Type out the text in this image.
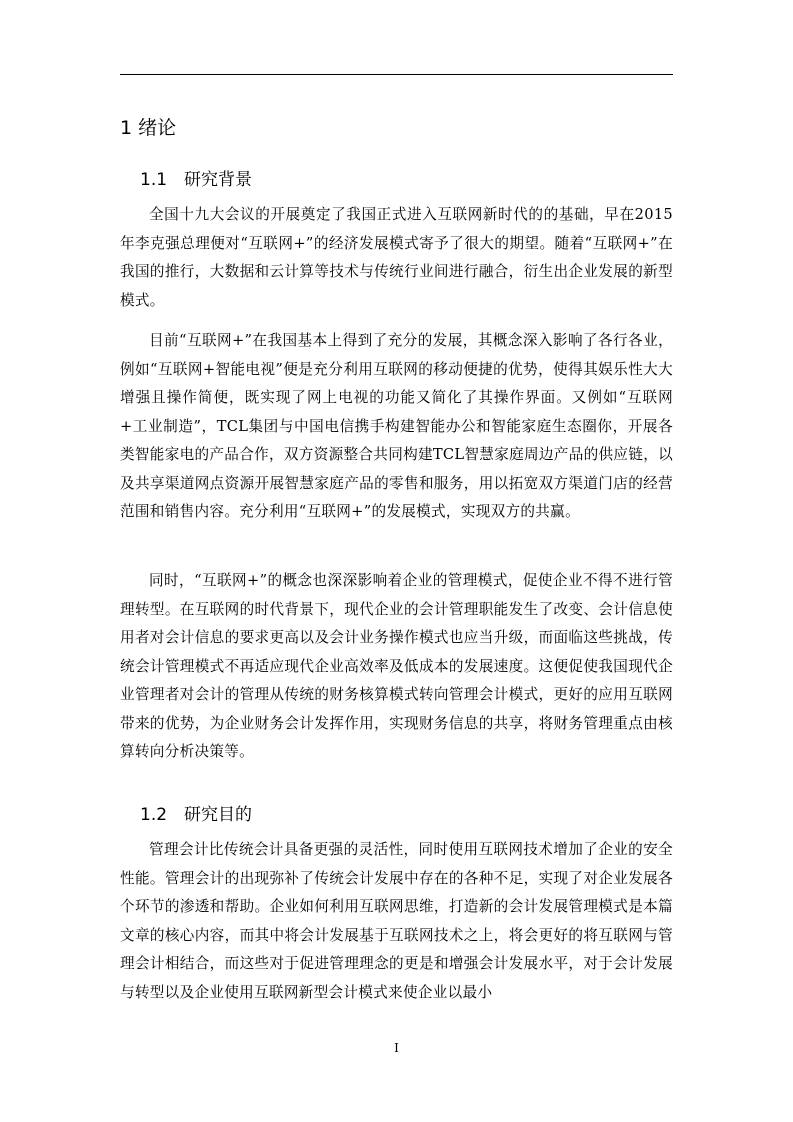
1 绪论
1.1 研究背景

全国十九大会议的开展奠定了我国正式进入互联网新时代的的基础，早在2015年李克强总理便对“互联网+”的经济发展模式寄予了很大的期望。随着“互联网+”在我国的推行，大数据和云计算等技术与传统行业间进行融合，衍生出企业发展的新型模式。

目前“互联网+”在我国基本上得到了充分的发展，其概念深入影响了各行各业，例如“互联网+智能电视”便是充分利用互联网的移动便捷的优势，使得其娱乐性大大增强且操作简便，既实现了网上电视的功能又简化了其操作界面。又例如“互联网+工业制造”，TCL集团与中国电信携手构建智能办公和智能家庭生态圈你，开展各类智能家电的产品合作，双方资源整合共同构建TCL智慧家庭周边产品的供应链，以及共享渠道网点资源开展智慧家庭产品的零售和服务，用以拓宽双方渠道门店的经营范围和销售内容。充分利用“互联网+”的发展模式，实现双方的共赢。

同时，“互联网+”的概念也深深影响着企业的管理模式，促使企业不得不进行管理转型。在互联网的时代背景下，现代企业的会计管理职能发生了改变、会计信息使用者对会计信息的要求更高以及会计业务操作模式也应当升级，而面临这些挑战，传统会计管理模式不再适应现代企业高效率及低成本的发展速度。这便促使我国现代企业管理者对会计的管理从传统的财务核算模式转向管理会计模式，更好的应用互联网带来的优势，为企业财务会计发挥作用，实现财务信息的共享，将财务管理重点由核算转向分析决策等。

1.2 研究目的

管理会计比传统会计具备更强的灵活性，同时使用互联网技术增加了企业的安全性能。管理会计的出现弥补了传统会计发展中存在的各种不足，实现了对企业发展各个环节的渗透和帮助。企业如何利用互联网思维，打造新的会计发展管理模式是本篇文章的核心内容，而其中将会计发展基于互联网技术之上，将会更好的将互联网与管理会计相结合，而这些对于促进管理理念的更是和增强会计发展水平，对于会计发展与转型以及企业使用互联网新型会计模式来使企业以最小

I
